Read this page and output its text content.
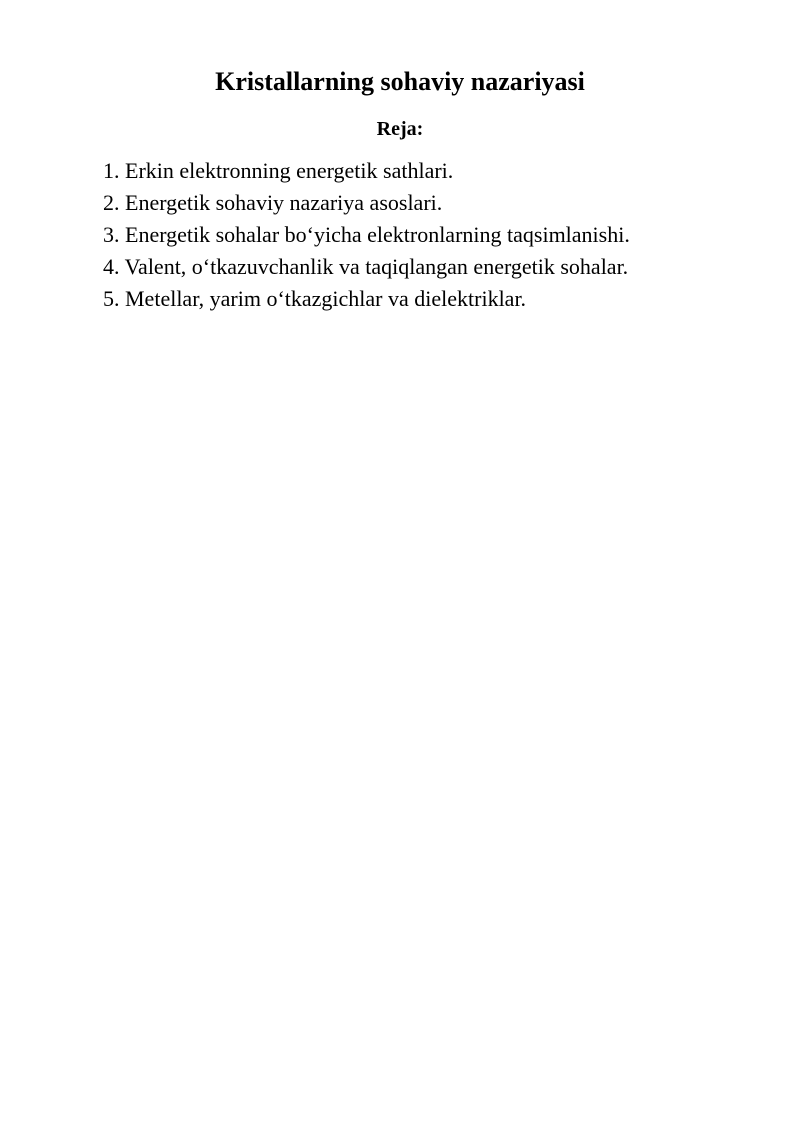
Kristallarning sohaviy nazariyasi
Reja:
1. Erkin elektronning energetik sathlari.
2. Energetik sohaviy nazariya asoslari.
3. Energetik sohalar bo‘yicha elektronlarning taqsimlanishi.
4. Valent, o‘tkazuvchanlik va taqiqlangan energetik sohalar.
5. Metellar, yarim o‘tkazgichlar va dielektriklar.
